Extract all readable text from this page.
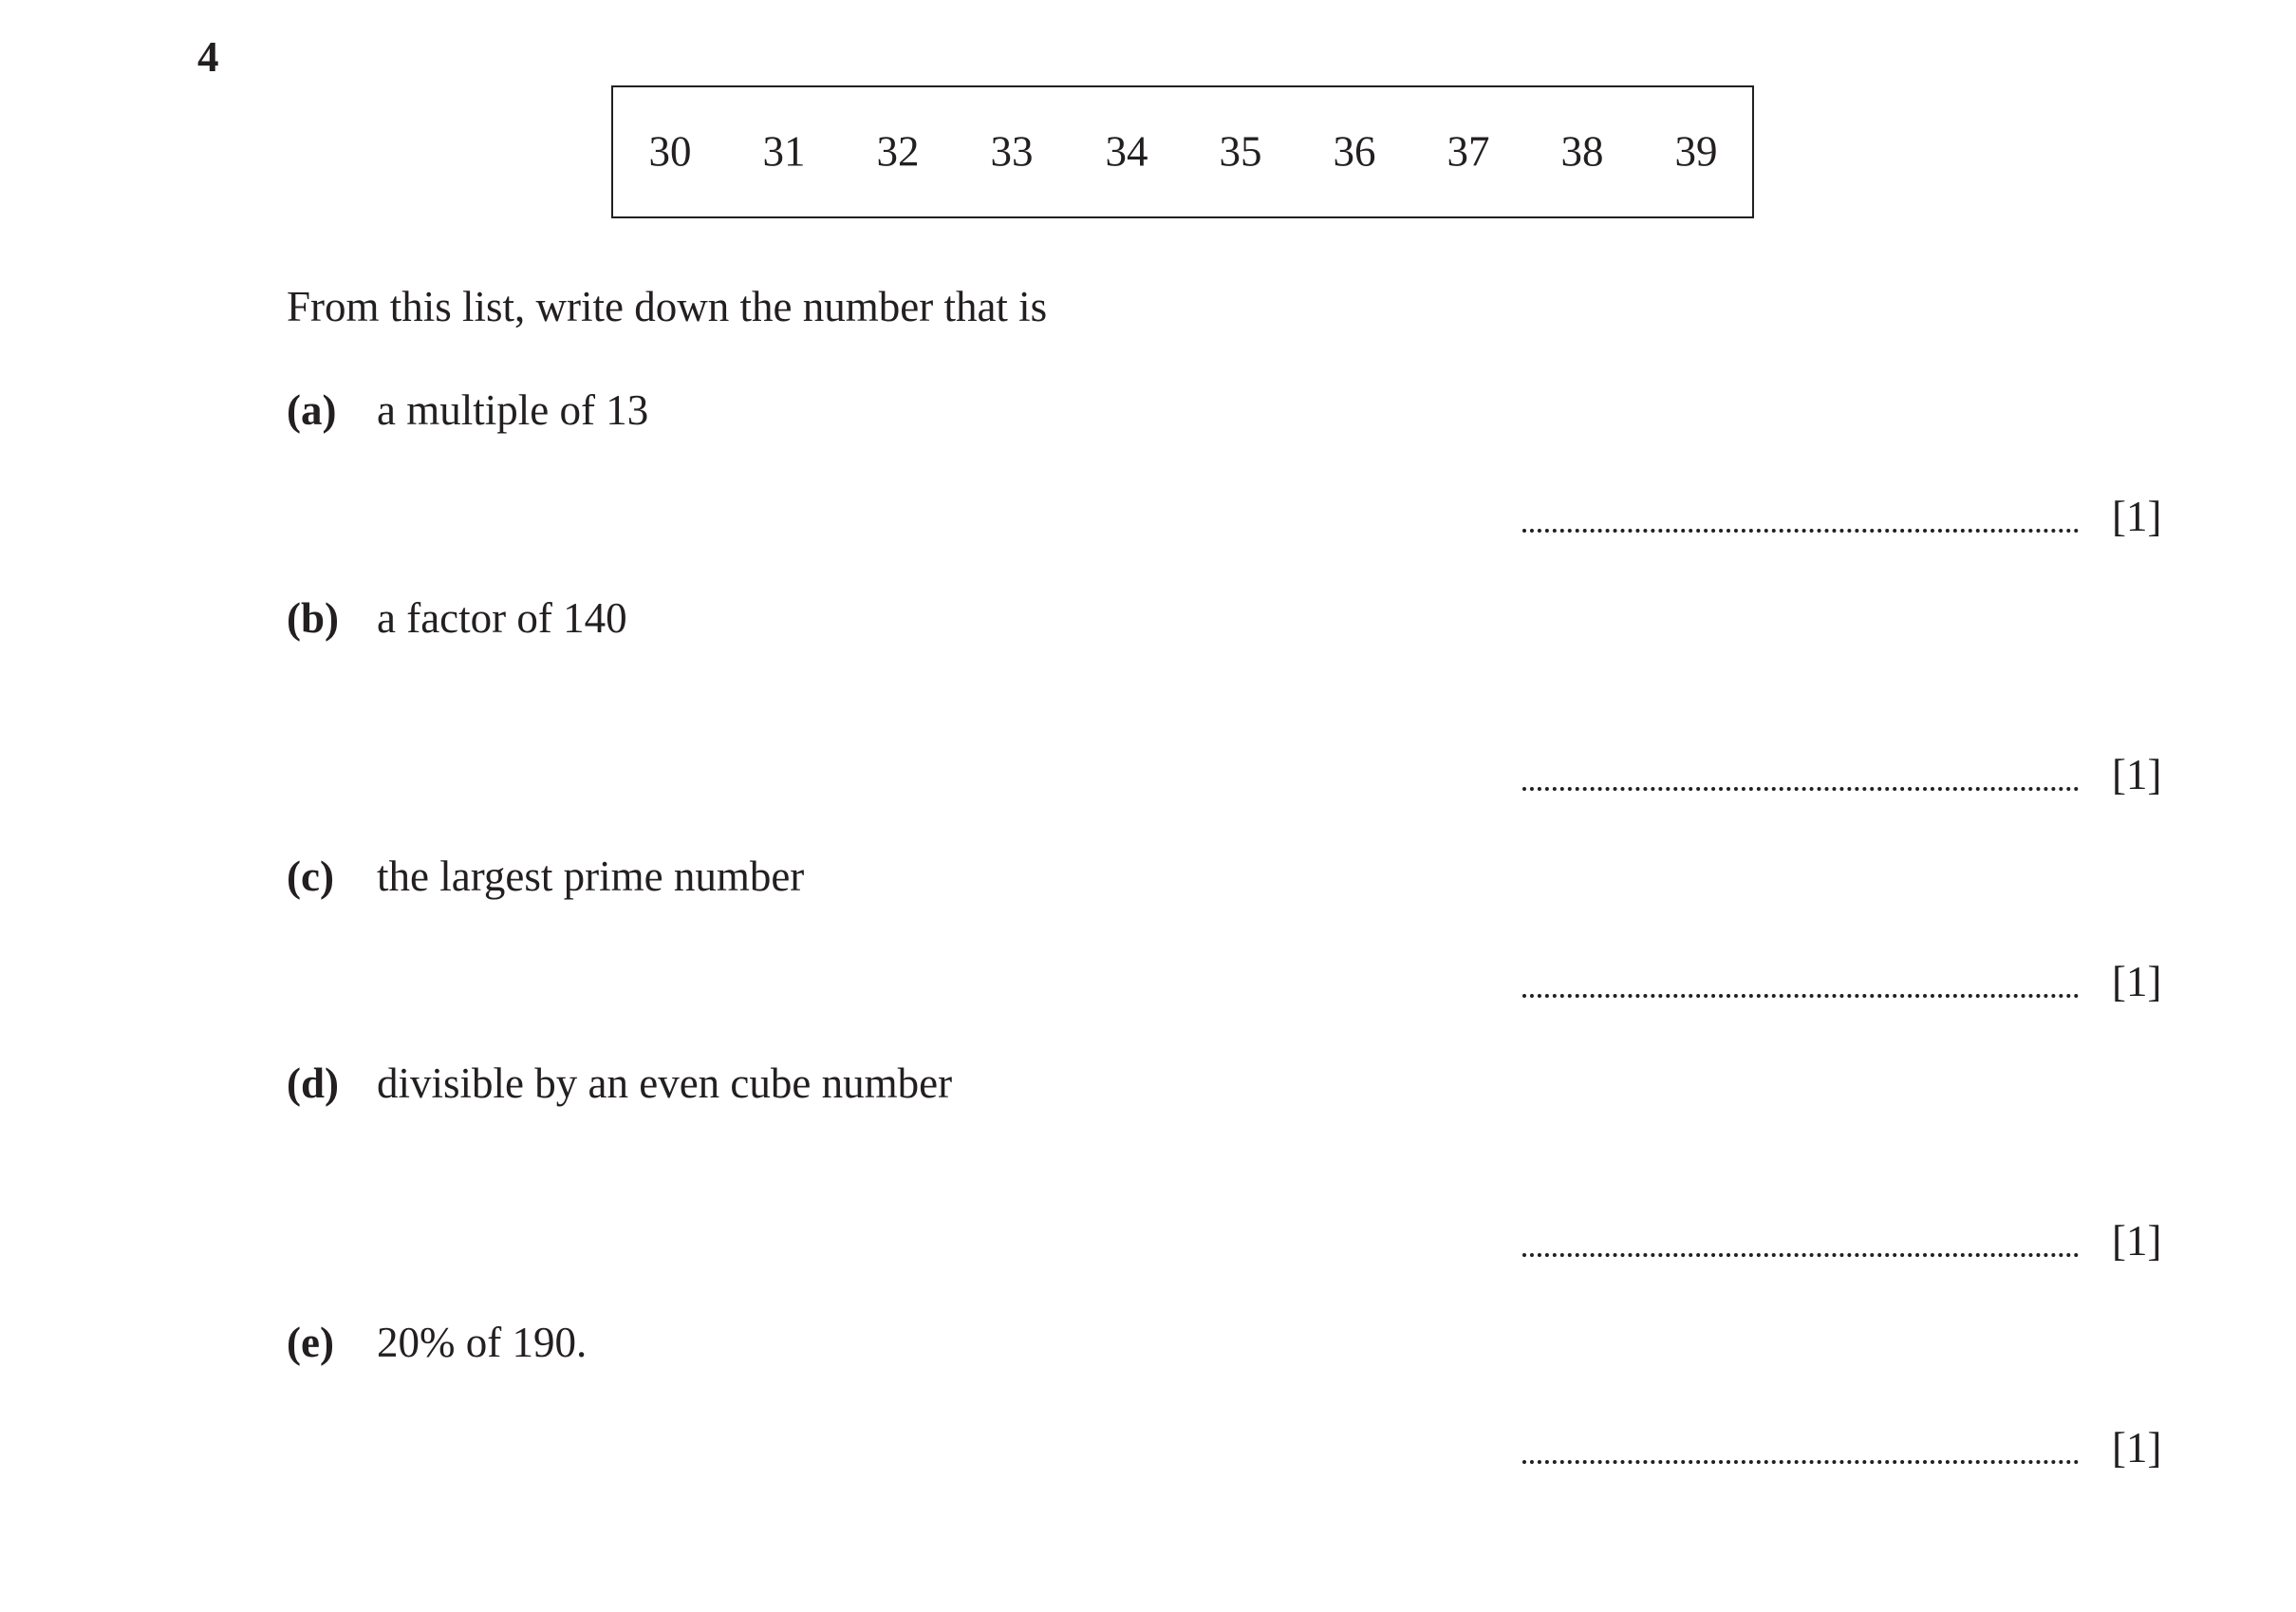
4
30 31 32 33 34 35 36 37 38 39
From this list, write down the number that is
(a) a multiple of 13
[1]
(b) a factor of 140
[1]
(c) the largest prime number
[1]
(d) divisible by an even cube number
[1]
(e) 20% of 190.
[1]
